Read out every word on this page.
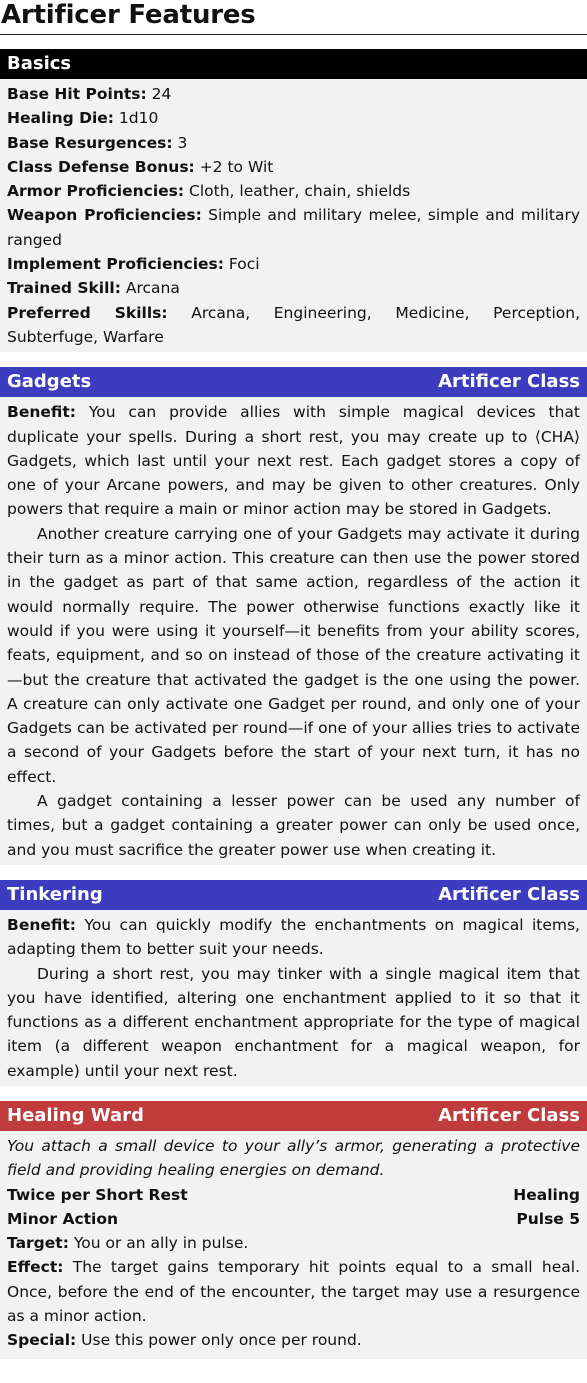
Artificer Features
Basics

Base Hit Points: 24

Healing Die: 1d10

Base Resurgences: 3

Class Defense Bonus: +2 to Wit

Armor Proficiencies: Cloth, leather, chain, shields

Weapon Proficiencies: Simple and military melee, simple and military ranged

Implement Proficiencies: Foci

Trained Skill: Arcana

Preferred Skills: Arcana, Engineering, Medicine, Perception, Subterfuge, Warfare

Gadgets	Artificer Class

Benefit: You can provide allies with simple magical devices that duplicate your spells. During a short rest, you may create up to ⟨CHA⟩ Gadgets, which last until your next rest. Each gadget stores a copy of one of your Arcane powers, and may be given to other creatures. Only powers that require a main or minor action may be stored in Gadgets.

Another creature carrying one of your Gadgets may activate it during their turn as a minor action. This creature can then use the power stored in the gadget as part of that same action, regardless of the action it would normally require. The power otherwise functions exactly like it would if you were using it yourself—it benefits from your ability scores, feats, equipment, and so on instead of those of the creature activating it—but the creature that activated the gadget is the one using the power. A creature can only activate one Gadget per round, and only one of your Gadgets can be activated per round—if one of your allies tries to activate a second of your Gadgets before the start of your next turn, it has no effect.

A gadget containing a lesser power can be used any number of times, but a gadget containing a greater power can only be used once, and you must sacrifice the greater power use when creating it.

Tinkering	Artificer Class

Benefit: You can quickly modify the enchantments on magical items, adapting them to better suit your needs.

During a short rest, you may tinker with a single magical item that you have identified, altering one enchantment applied to it so that it functions as a different enchantment appropriate for the type of magical item (a different weapon enchantment for a magical weapon, for example) until your next rest.

Healing Ward	Artificer Class

You attach a small device to your ally’s armor, generating a protective field and providing healing energies on demand.

Twice per Short Rest	Healing
Minor Action	Pulse 5

Target: You or an ally in pulse.

Effect: The target gains temporary hit points equal to a small heal. Once, before the end of the encounter, the target may use a resurgence as a minor action.

Special: Use this power only once per round.
